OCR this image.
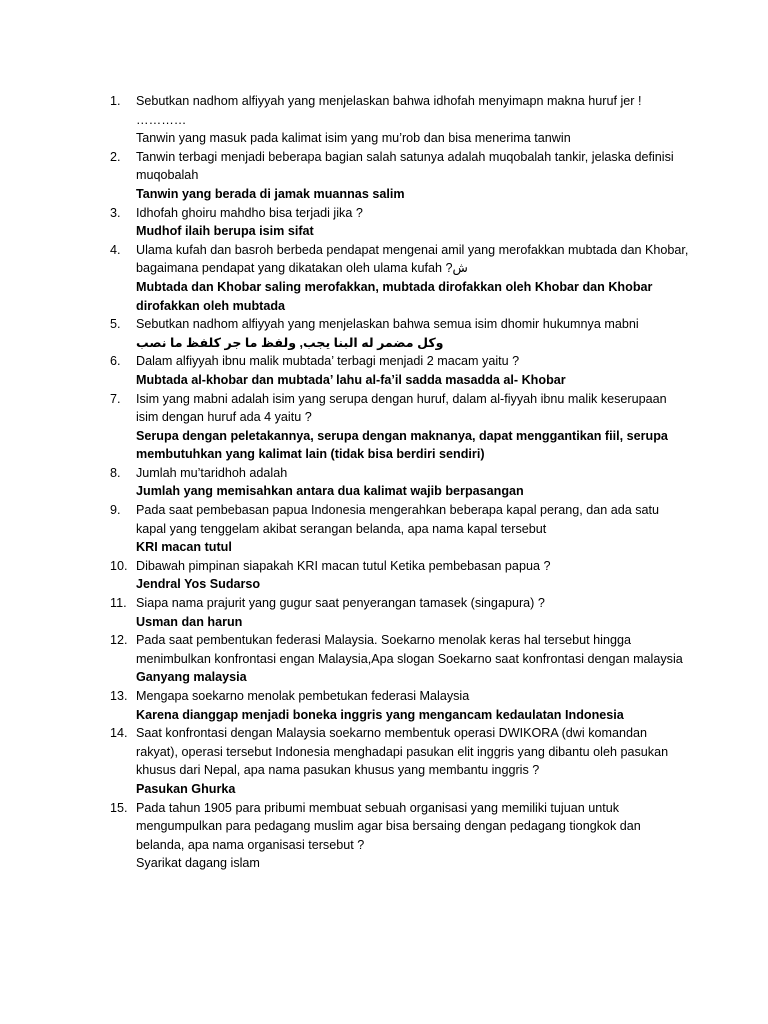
1. Sebutkan nadhom alfiyyah yang menjelaskan bahwa idhofah menyimapn makna huruf jer !
…………
Tanwin yang masuk pada kalimat isim yang mu’rob dan bisa menerima tanwin
2. Tanwin terbagi menjadi beberapa bagian salah satunya adalah muqobalah tankir, jelaska definisi muqobalah
Tanwin yang berada di jamak muannas salim
3. Idhofah ghoiru mahdho bisa terjadi jika ?
Mudhof ilaih berupa isim sifat
4. Ulama kufah dan basroh berbeda pendapat mengenai amil yang merofakkan mubtada dan Khobar, bagaimana pendapat yang dikatakan oleh ulama kufah ?ش
Mubtada dan Khobar saling merofakkan, mubtada dirofakkan oleh Khobar dan Khobar dirofakkan oleh mubtada
5. Sebutkan nadhom alfiyyah yang menjelaskan bahwa semua isim dhomir hukumnya mabni
وكل مضمر له البنا يجب, ولفظ ما جر كلفظ ما نصب
6. Dalam alfiyyah ibnu malik mubtada’ terbagi menjadi 2 macam yaitu ?
Mubtada al-khobar dan mubtada’ lahu al-fa’il sadda masadda al- Khobar
7. Isim yang mabni adalah isim yang serupa dengan huruf, dalam al-fiyyah ibnu malik keserupaan isim dengan huruf ada 4 yaitu ?
Serupa dengan peletakannya, serupa dengan maknanya, dapat menggantikan fiil, serupa membutuhkan yang kalimat lain (tidak bisa berdiri sendiri)
8. Jumlah mu’taridhoh adalah
Jumlah yang memisahkan antara dua kalimat wajib berpasangan
9. Pada saat pembebasan papua Indonesia mengerahkan beberapa kapal perang, dan ada satu kapal yang tenggelam akibat serangan belanda, apa nama kapal tersebut
KRI macan tutul
10. Dibawah pimpinan siapakah KRI macan tutul Ketika pembebasan papua ?
Jendral Yos Sudarso
11. Siapa nama prajurit yang gugur saat penyerangan tamasek (singapura) ?
Usman dan harun
12. Pada saat pembentukan federasi Malaysia. Soekarno menolak keras hal tersebut hingga menimbulkan konfrontasi engan Malaysia,Apa slogan Soekarno saat konfrontasi dengan malaysia
Ganyang malaysia
13. Mengapa soekarno menolak pembetukan federasi Malaysia
Karena dianggap menjadi boneka inggris yang mengancam kedaulatan Indonesia
14. Saat konfrontasi dengan Malaysia soekarno membentuk operasi DWIKORA (dwi komandan rakyat), operasi tersebut Indonesia menghadapi pasukan elit inggris yang dibantu oleh pasukan khusus dari Nepal, apa nama pasukan khusus yang membantu inggris ?
Pasukan Ghurka
15. Pada tahun 1905 para pribumi membuat sebuah organisasi yang memiliki tujuan untuk mengumpulkan para pedagang muslim agar bisa bersaing dengan pedagang tiongkok dan belanda, apa nama organisasi tersebut ?
Syarikat dagang islam
